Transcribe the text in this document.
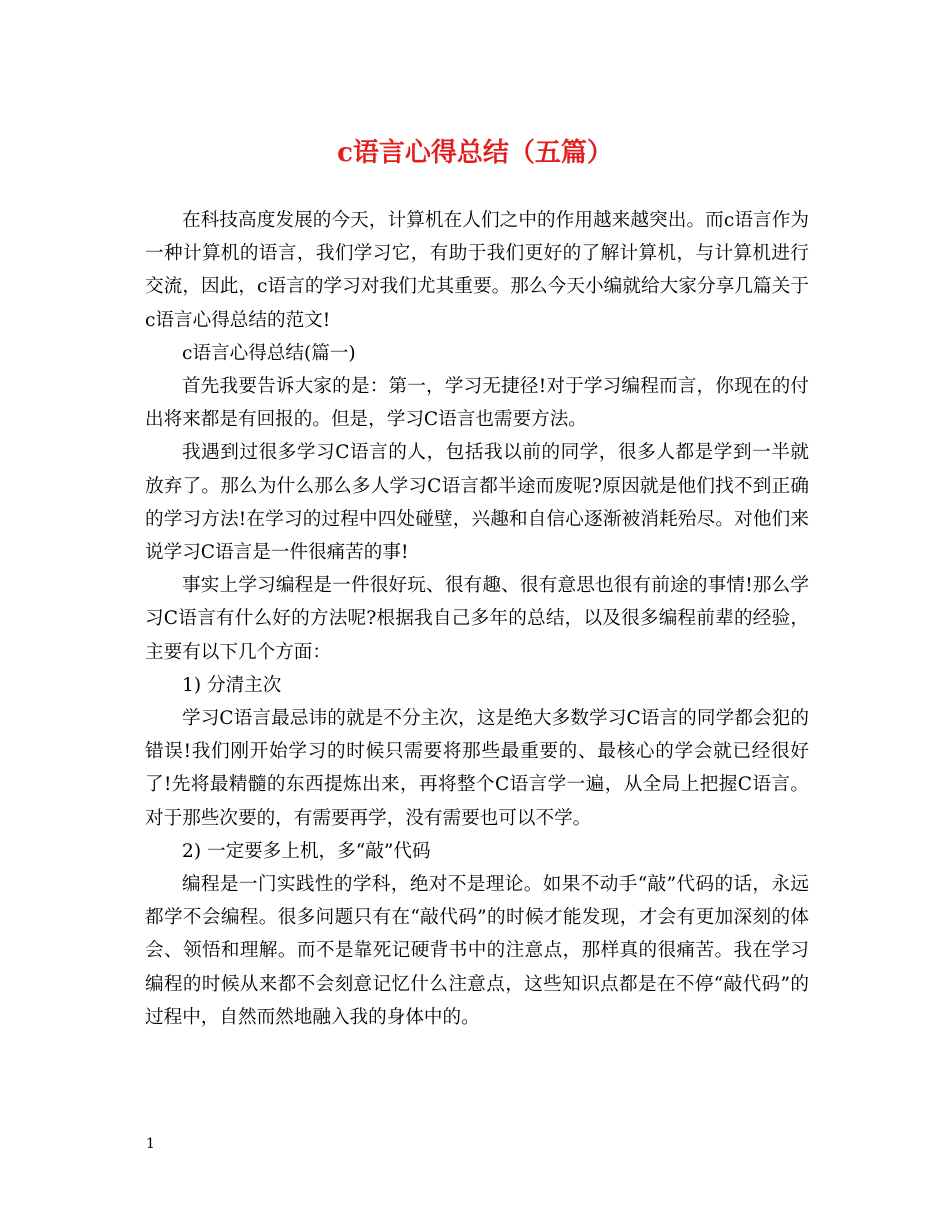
c语言心得总结（五篇）

在科技高度发展的今天，计算机在人们之中的作用越来越突出。而c语言作为一种计算机的语言，我们学习它，有助于我们更好的了解计算机，与计算机进行交流，因此，c语言的学习对我们尤其重要。那么今天小编就给大家分享几篇关于c语言心得总结的范文!

c语言心得总结(篇一)

首先我要告诉大家的是：第一，学习无捷径!对于学习编程而言，你现在的付出将来都是有回报的。但是，学习C语言也需要方法。

我遇到过很多学习C语言的人，包括我以前的同学，很多人都是学到一半就放弃了。那么为什么那么多人学习C语言都半途而废呢?原因就是他们找不到正确的学习方法!在学习的过程中四处碰壁，兴趣和自信心逐渐被消耗殆尽。对他们来说学习C语言是一件很痛苦的事!

事实上学习编程是一件很好玩、很有趣、很有意思也很有前途的事情!那么学习C语言有什么好的方法呢?根据我自己多年的总结，以及很多编程前辈的经验，主要有以下几个方面：

1) 分清主次

学习C语言最忌讳的就是不分主次，这是绝大多数学习C语言的同学都会犯的错误!我们刚开始学习的时候只需要将那些最重要的、最核心的学会就已经很好了!先将最精髓的东西提炼出来，再将整个C语言学一遍，从全局上把握C语言。对于那些次要的，有需要再学，没有需要也可以不学。

2) 一定要多上机，多“敲”代码

编程是一门实践性的学科，绝对不是理论。如果不动手“敲”代码的话，永远都学不会编程。很多问题只有在“敲代码”的时候才能发现，才会有更加深刻的体会、领悟和理解。而不是靠死记硬背书中的注意点，那样真的很痛苦。我在学习编程的时候从来都不会刻意记忆什么注意点，这些知识点都是在不停“敲代码”的过程中，自然而然地融入我的身体中的。

1
